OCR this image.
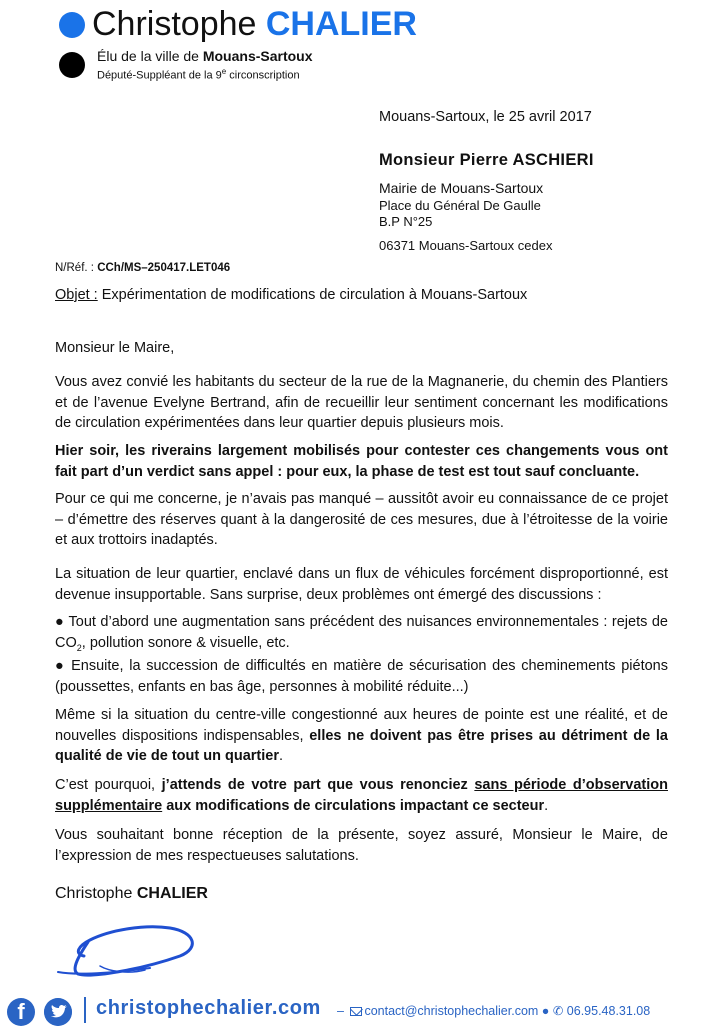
Christophe CHALIER
Élu de la ville de Mouans-Sartoux
Député-Suppléant de la 9e circonscription
Mouans-Sartoux, le 25 avril 2017
Monsieur Pierre ASCHIERI
Mairie de Mouans-Sartoux
Place du Général De Gaulle
B.P N°25
06371 Mouans-Sartoux cedex
N/Réf. : CCh/MS–250417.LET046
Objet : Expérimentation de modifications de circulation à Mouans-Sartoux
Monsieur le Maire,
Vous avez convié les habitants du secteur de la rue de la Magnanerie, du chemin des Plantiers et de l’avenue Evelyne Bertrand, afin de recueillir leur sentiment concernant les modifications de circulation expérimentées dans leur quartier depuis plusieurs mois.
Hier soir, les riverains largement mobilisés pour contester ces changements vous ont fait part d’un verdict sans appel : pour eux, la phase de test est tout sauf concluante.
Pour ce qui me concerne, je n’avais pas manqué – aussitôt avoir eu connaissance de ce projet – d’émettre des réserves quant à la dangerosité de ces mesures, due à l’étroitesse de la voirie et aux trottoirs inadaptés.
La situation de leur quartier, enclavé dans un flux de véhicules forcément disproportionné, est devenue insupportable. Sans surprise, deux problèmes ont émergé des discussions :
● Tout d’abord une augmentation sans précédent des nuisances environnementales : rejets de $CO_2$, pollution sonore & visuelle, etc.
● Ensuite, la succession de difficultés en matière de sécurisation des cheminements piétons (poussettes, enfants en bas âge, personnes à mobilité réduite...)
Même si la situation du centre-ville congestionné aux heures de pointe est une réalité, et de nouvelles dispositions indispensables, elles ne doivent pas être prises au détriment de la qualité de vie de tout un quartier.
C’est pourquoi, j’attends de votre part que vous renonciez sans période d’observation supplémentaire aux modifications de circulations impactant ce secteur.
Vous souhaitant bonne réception de la présente, soyez assuré, Monsieur le Maire, de l’expression de mes respectueuses salutations.
Christophe CHALIER
f	christophechalier.com – contact@christophechalier.com ● ✆ 06.95.48.31.08
